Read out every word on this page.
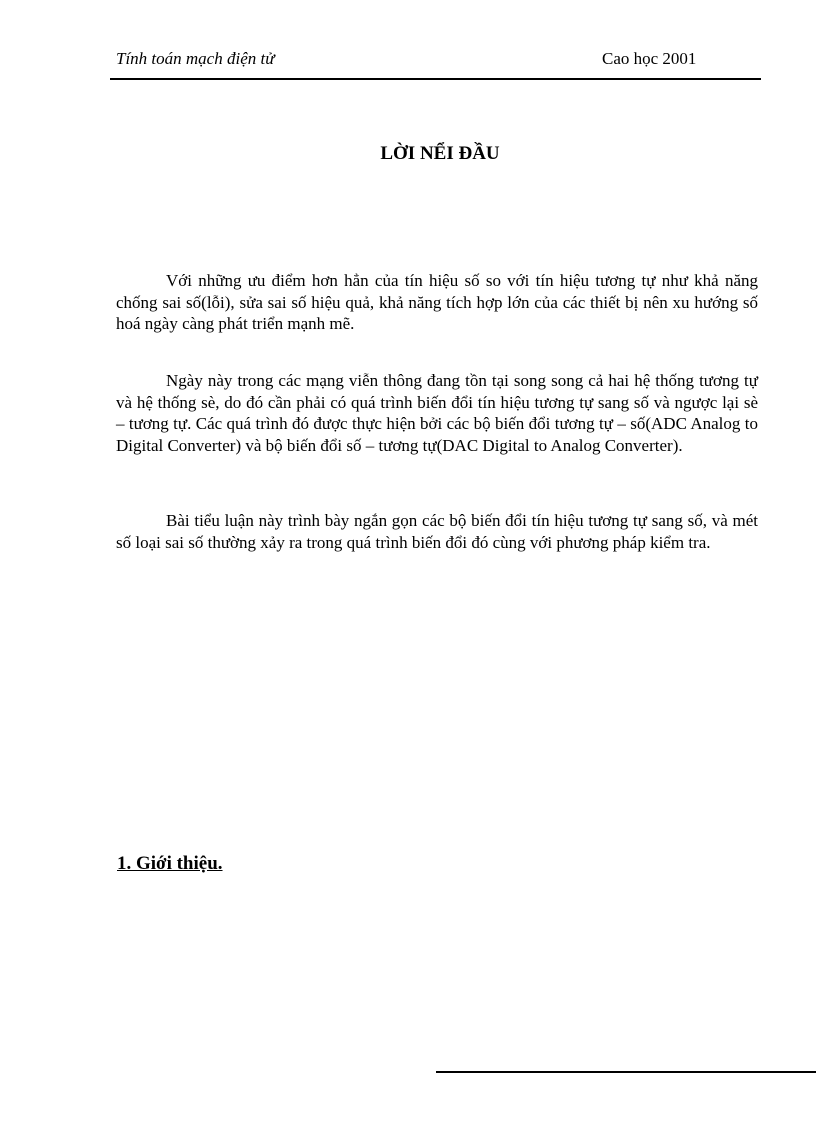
Tính toán mạch điện tử	Cao học 2001
LỜI NỂI ĐẦU

Với những ưu điểm hơn hẳn của tín hiệu số so với tín hiệu tương tự như khả năng chống sai số(lỗi), sửa sai số hiệu quả, khả năng tích hợp lớn của các thiết bị nên xu hướng số hoá ngày càng phát triển mạnh mẽ.

Ngày này trong các mạng viễn thông đang tồn tại song song cả hai hệ thống tương tự và hệ thống sè, do đó cần phải có quá trình biến đổi tín hiệu tương tự sang số và ngược lại sè – tương tự. Các quá trình đó được thực hiện bởi các bộ biến đổi tương tự – số(ADC Analog to Digital Converter) và bộ biến đổi số – tương tự(DAC Digital to Analog Converter).

Bài tiểu luận này trình bày ngắn gọn các bộ biến đổi tín hiệu tương tự sang số, và mét số loại sai số thường xảy ra trong quá trình biến đổi đó cùng với phương pháp kiểm tra.

1. Giới thiệu.
